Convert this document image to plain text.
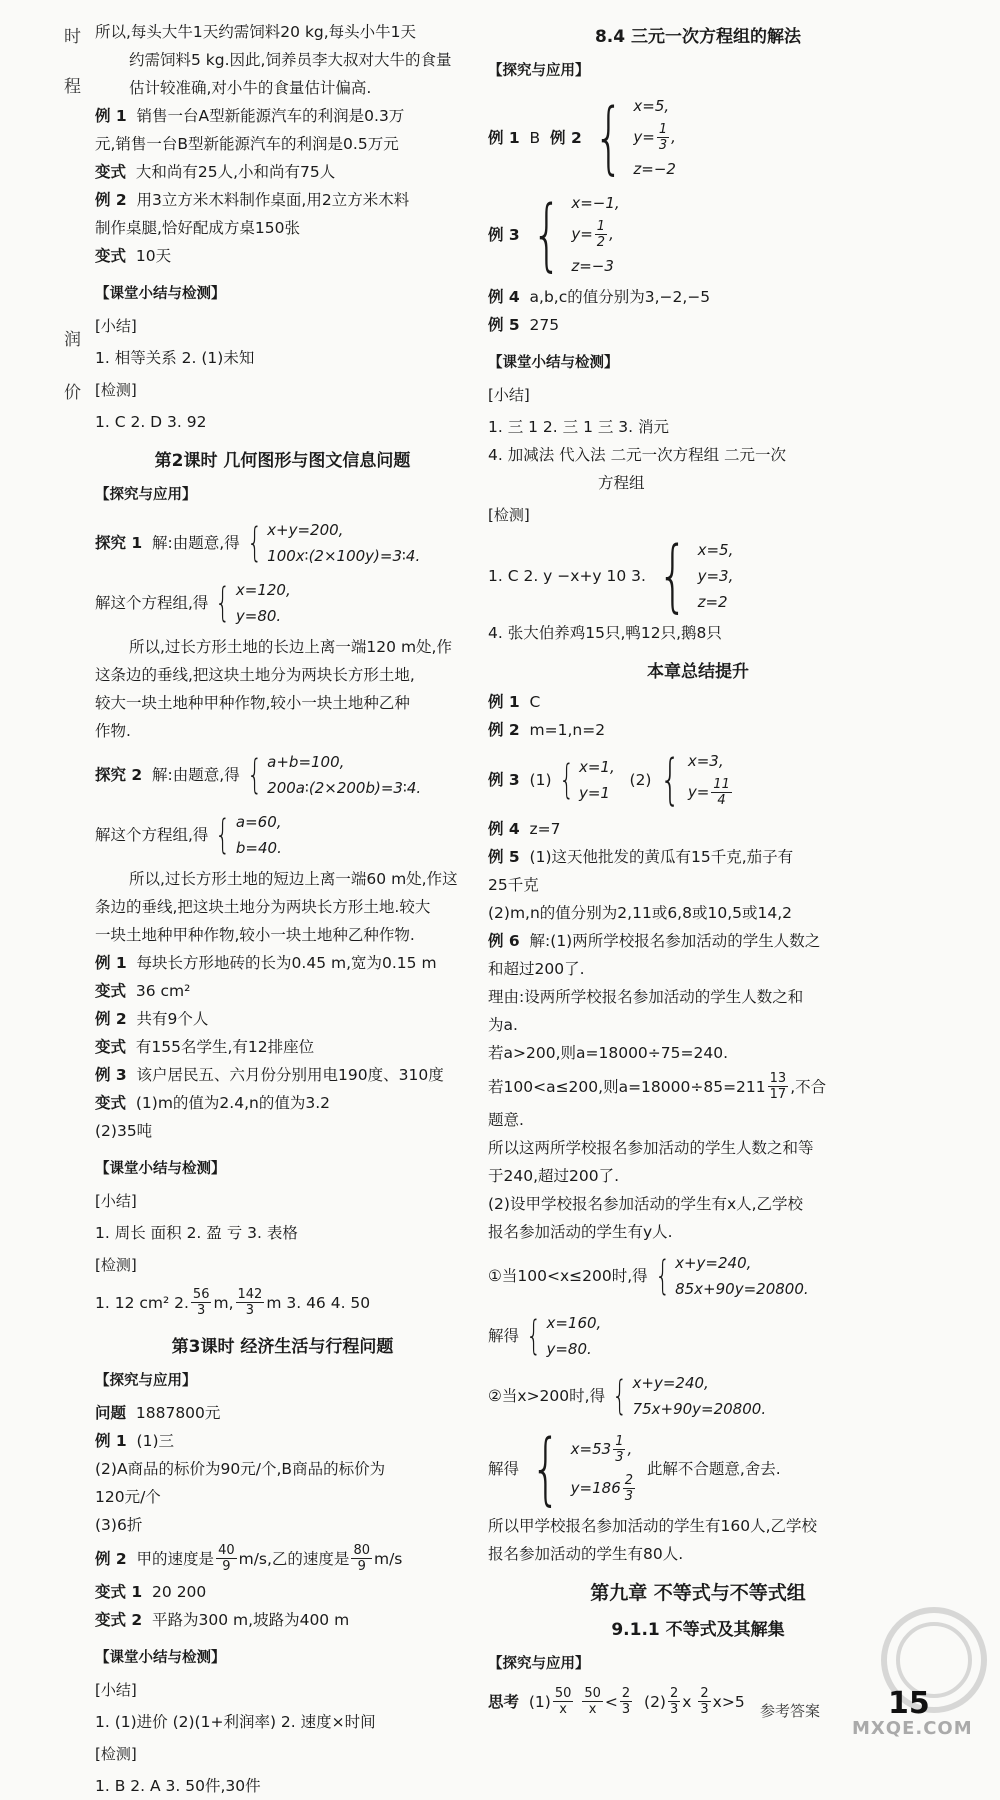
时
程
润
价

所以,每头大牛1天约需饲料20 kg,每头小牛1天

约需饲料5 kg.因此,饲养员李大叔对大牛的食量

估计较准确,对小牛的食量估计偏高.

例 1 销售一台A型新能源汽车的利润是0.3万

元,销售一台B型新能源汽车的利润是0.5万元

变式 大和尚有25人,小和尚有75人

例 2 用3立方米木料制作桌面,用2立方米木料

制作桌腿,恰好配成方桌150张

变式 10天

【课堂小结与检测】

[小结]

1. 相等关系 2. (1)未知

[检测]

1. C 2. D 3. 92

第2课时 几何图形与图文信息问题

【探究与应用】

探究 1
解:由题意,得 { x+y=200,
100x∶(2×100y)=3∶4.
解这个方程组,得 { x=120,
y=80.

所以,过长方形土地的长边上离一端120 m处,作

这条边的垂线,把这块土地分为两块长方形土地,

较大一块土地种甲种作物,较小一块土地种乙种

作物.

探究 2
解:由题意,得 { a+b=100,
200a∶(2×200b)=3∶4.
解这个方程组,得 { a=60,
b=40.

所以,过长方形土地的短边上离一端60 m处,作这

条边的垂线,把这块土地分为两块长方形土地.较大

一块土地种甲种作物,较小一块土地种乙种作物.

例 1 每块长方形地砖的长为0.45 m,宽为0.15 m

变式 36 cm²

例 2 共有9个人

变式 有155名学生,有12排座位

例 3 该户居民五、六月份分别用电190度、310度

变式 (1)m的值为2.4,n的值为3.2

(2)35吨

【课堂小结与检测】

[小结]

1. 周长 面积 2. 盈 亏 3. 表格

[检测]

1. 12 cm² 2. $\frac{56}{3} m$, $\frac{142}{3}$ m 3. 46 4. 50

第3课时 经济生活与行程问题

【探究与应用】

问题 1887800元

例 1 (1)三

(2)A商品的标价为90元/个,B商品的标价为

120元/个

(3)6折

例 2
甲的速度是 $\frac{40}{9} m/s$,乙的速度是 $\frac{80}{9} m/s$

变式 1 20 200

变式 2 平路为300 m,坡路为400 m

【课堂小结与检测】

[小结]

1. (1)进价 (2)(1+利润率) 2. 速度×时间

[检测]

1. B 2. A 3. 50件,30件

8.4 三元一次方程组的解法

【探究与应用】

例 1
B
例 2 { x=5,
$y= \frac{1}{3}$ ,
z=−2
例 3 { x=−1,
$y= \frac{1}{2}$ ,
z=−3

例 4 a,b,c的值分别为3,−2,−5

例 5 275

【课堂小结与检测】

[小结]

1. 三 1 2. 三 1 三 3. 消元

4. 加减法 代入法 二元一次方程组 二元一次

方程组

[检测]

1. C 2. y −x+y 10 3. { x=5,
y=3,
z=2

4. 张大伯养鸡15只,鸭12只,鹅8只

本章总结提升

例 1 C

例 2 m=1,n=2

例 3
(1) { x=1,
y=1

(2) { x=3,
$y= \frac{11}{4}$

例 4 z=7

例 5 (1)这天他批发的黄瓜有15千克,茄子有

25千克

(2)m,n的值分别为2,11或6,8或10,5或14,2

例 6 解:(1)两所学校报名参加活动的学生人数之

和超过200了.

理由:设两所学校报名参加活动的学生人数之和

为a.

若a>200,则a=18000÷75=240.

若100<a≤200,则$a=18000\div 85=211 \frac{13}{17}$ ,不合

题意.

所以这两所学校报名参加活动的学生人数之和等

于240,超过200了.

(2)设甲学校报名参加活动的学生有x人,乙学校

报名参加活动的学生有y人.

①当100<x≤200时,得 { x+y=240,
85x+90y=20800.
解得 { x=160,
y=80.
②当x>200时,得 { x+y=240,
75x+90y=20800.
解得 { $x=53 \frac{1}{3}$ ,
$y=186 \frac{2}{3}$

此解不合题意,舍去.

所以甲学校报名参加活动的学生有160人,乙学校

报名参加活动的学生有80人.

第九章 不等式与不等式组

9.1.1 不等式及其解集

【探究与应用】

思考
$(1) \frac{50}{x}$
$\frac{50}{x} < \frac{2}{3}$
$(2) \frac{2}{3}$ x
$\frac{2}{3} x>5$
MXQE.COM
参考答案 15
